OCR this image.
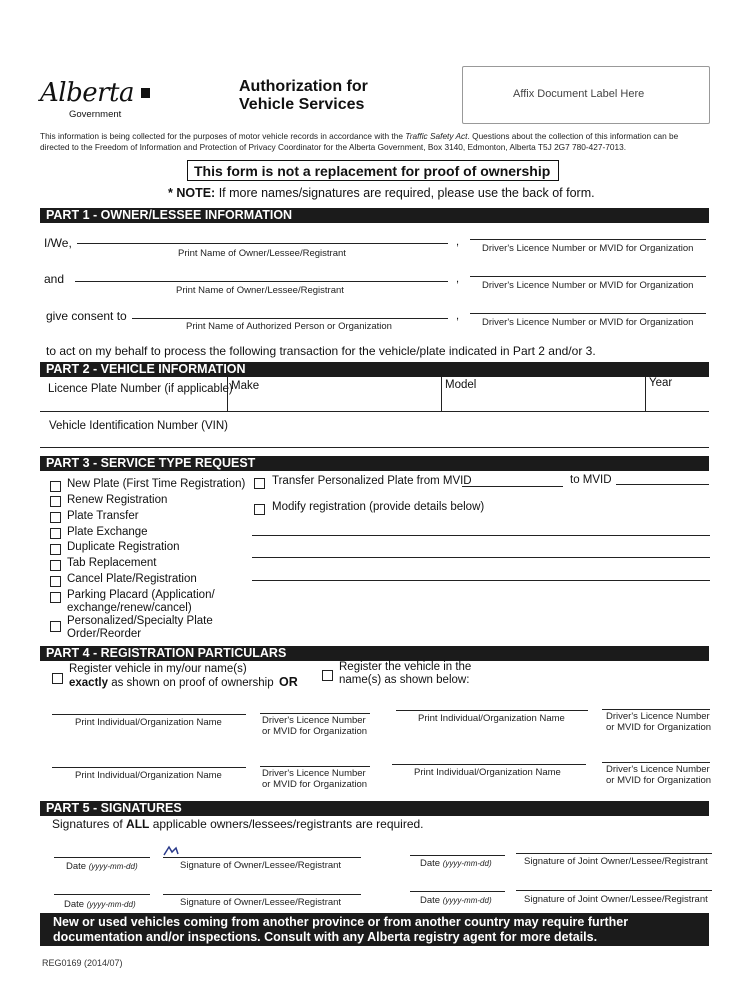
Alberta
Government
Authorization for
Vehicle Services
Affix Document Label Here
This information is being collected for the purposes of motor vehicle records in accordance with the Traffic Safety Act. Questions about the collection of this information can be
directed to the Freedom of Information and Protection of Privacy Coordinator for the Alberta Government, Box 3140, Edmonton, Alberta T5J 2G7 780-427-7013.
This form is not a replacement for proof of ownership
* NOTE: If more names/signatures are required, please use the back of form.
PART 1 - OWNER/LESSEE INFORMATION
I/We,
Print Name of Owner/Lessee/Registrant
,
Driver's Licence Number or MVID for Organization
and
Print Name of Owner/Lessee/Registrant
,
Driver's Licence Number or MVID for Organization
give consent to
Print Name of Authorized Person or Organization
,
Driver's Licence Number or MVID for Organization
to act on my behalf to process the following transaction for the vehicle/plate indicated in Part 2 and/or 3.
PART 2 - VEHICLE INFORMATION
Licence Plate Number (if applicable)
Make	Model	Year
Vehicle Identification Number (VIN)
PART 3 - SERVICE TYPE REQUEST
New Plate (First Time Registration)
Renew Registration
Plate Transfer
Plate Exchange
Duplicate Registration
Tab Replacement
Cancel Plate/Registration
Parking Placard (Application/
exchange/renew/cancel)
Personalized/Specialty Plate
Order/Reorder
Transfer Personalized Plate from MVID	to MVID
Modify registration (provide details below)
PART 4 - REGISTRATION PARTICULARS
Register vehicle in my/our name(s)
exactly as shown on proof of ownership OR
Register the vehicle in the
name(s) as shown below:
Print Individual/Organization Name	Driver's Licence Number
or MVID for Organization
Print Individual/Organization Name	Driver's Licence Number
or MVID for Organization
Print Individual/Organization Name	Driver's Licence Number
or MVID for Organization
Print Individual/Organization Name	Driver's Licence Number
or MVID for Organization
PART 5 - SIGNATURES
Signatures of ALL applicable owners/lessees/registrants are required.
Date (yyyy-mm-dd)	Signature of Owner/Lessee/Registrant	Date (yyyy-mm-dd)	Signature of Joint Owner/Lessee/Registrant
Date (yyyy-mm-dd)	Signature of Owner/Lessee/Registrant	Date (yyyy-mm-dd)	Signature of Joint Owner/Lessee/Registrant
New or used vehicles coming from another province or from another country may require further
documentation and/or inspections. Consult with any Alberta registry agent for more details.
REG0169 (2014/07)
